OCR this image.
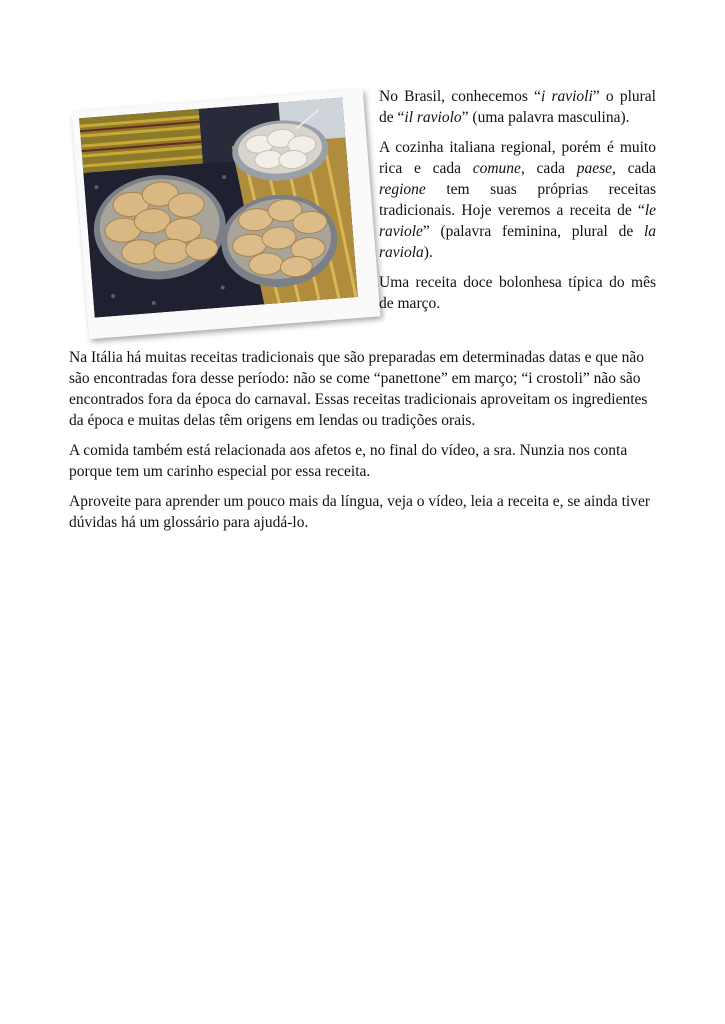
No Brasil, conhecemos “i ravioli” o plural de “il raviolo” (uma palavra masculina).

A cozinha italiana regional, porém é muito rica e cada comune, cada paese, cada regione tem suas próprias receitas tradicionais. Hoje veremos a receita de “le raviole” (palavra feminina, plural de la raviola).

Uma receita doce bolonhesa típica do mês de março.

Na Itália há muitas receitas tradicionais que são preparadas em determinadas datas e que não são encontradas fora desse período: não se come “panettone” em março; “i crostoli” não são encontrados fora da época do carnaval. Essas receitas tradicionais aproveitam os ingredientes da época e muitas delas têm origens em lendas ou tradições orais.

A comida também está relacionada aos afetos e, no final do vídeo, a sra. Nunzia nos conta porque tem um carinho especial por essa receita.

Aproveite para aprender um pouco mais da língua, veja o vídeo, leia a receita e, se ainda tiver dúvidas há um glossário para ajudá-lo.
